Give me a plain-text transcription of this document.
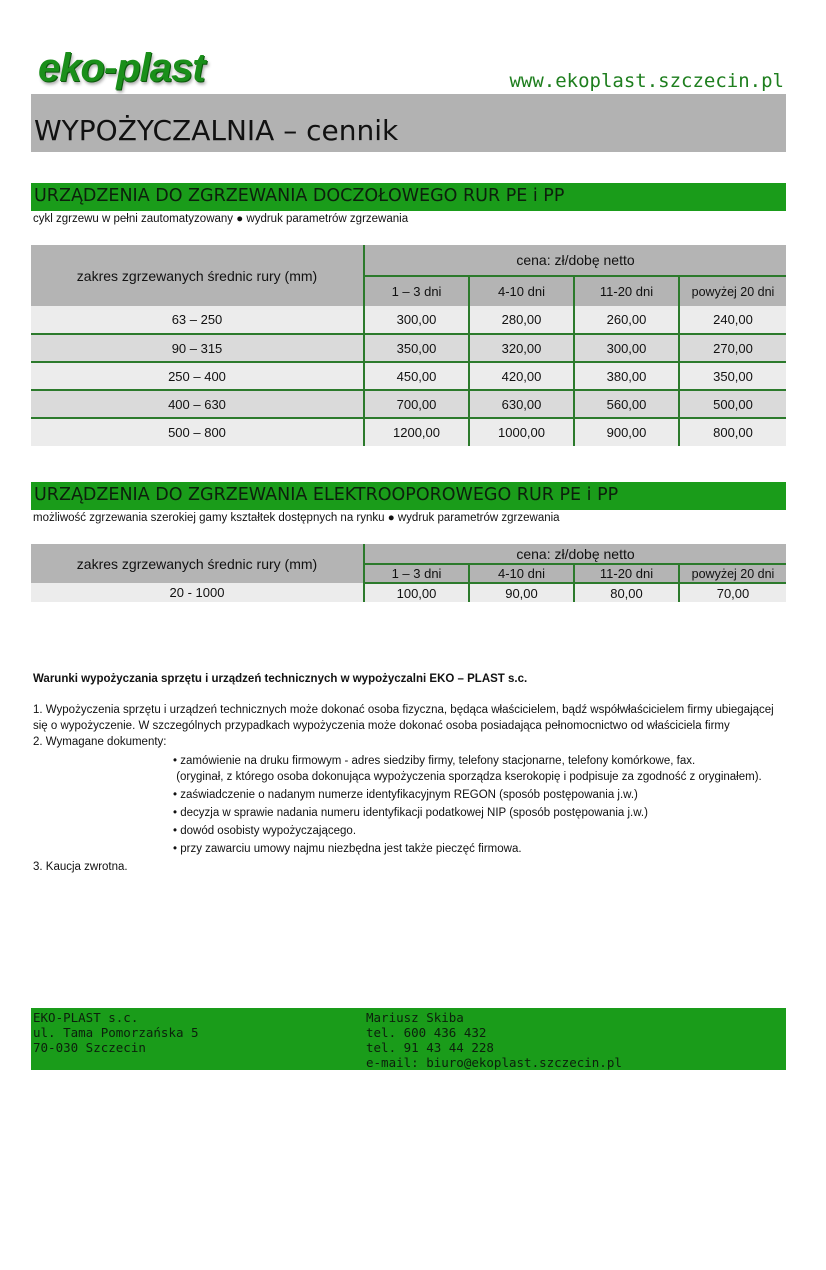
eko-plast	www.ekoplast.szczecin.pl
WYPOŻYCZALNIA – cennik
URZĄDZENIA DO ZGRZEWANIA DOCZOŁOWEGO RUR PE i PP
cykl zgrzewu w pełni zautomatyzowany ● wydruk parametrów zgrzewania
zakres zgrzewanych średnic rury (mm)	cena: zł/dobę netto			
	1 – 3 dni	4-10 dni	11-20 dni	powyżej 20 dni
63 – 250	300,00	280,00	260,00	240,00
90 – 315	350,00	320,00	300,00	270,00
250 – 400	450,00	420,00	380,00	350,00
400 – 630	700,00	630,00	560,00	500,00
500 – 800	1200,00	1000,00	900,00	800,00
URZĄDZENIA DO ZGRZEWANIA ELEKTROOPOROWEGO RUR PE i PP
możliwość zgrzewania szerokiej gamy kształtek dostępnych na rynku ● wydruk parametrów zgrzewania
zakres zgrzewanych średnic rury (mm)	cena: zł/dobę netto			
	1 – 3 dni	4-10 dni	11-20 dni	powyżej 20 dni
20 - 1000	100,00	90,00	80,00	70,00

Warunki wypożyczania sprzętu i urządzeń technicznych w wypożyczalni EKO – PLAST s.c.

1. Wypożyczenia sprzętu i urządzeń technicznych może dokonać osoba fizyczna, będąca właścicielem, bądź współwłaścicielem firmy ubiegającej się o wypożyczenie. W szczególnych przypadkach wypożyczenia może dokonać osoba posiadająca pełnomocnictwo od właściciela firmy

2. Wymagane dokumenty:

• zamówienie na druku firmowym - adres siedziby firmy, telefony stacjonarne, telefony komórkowe, fax.

(oryginał, z którego osoba dokonująca wypożyczenia sporządza kserokopię i podpisuje za zgodność z oryginałem).

• zaświadczenie o nadanym numerze identyfikacyjnym REGON (sposób postępowania j.w.)

• decyzja w sprawie nadania numeru identyfikacji podatkowej NIP (sposób postępowania j.w.)

• dowód osobisty wypożyczającego.

• przy zawarciu umowy najmu niezbędna jest także pieczęć firmowa.

3. Kaucja zwrotna.

EKO-PLAST s.c.
ul. Tama Pomorzańska 5
70-030 Szczecin
Mariusz Skiba
tel. 600 436 432
tel. 91 43 44 228
e-mail: biuro@ekoplast.szczecin.pl
